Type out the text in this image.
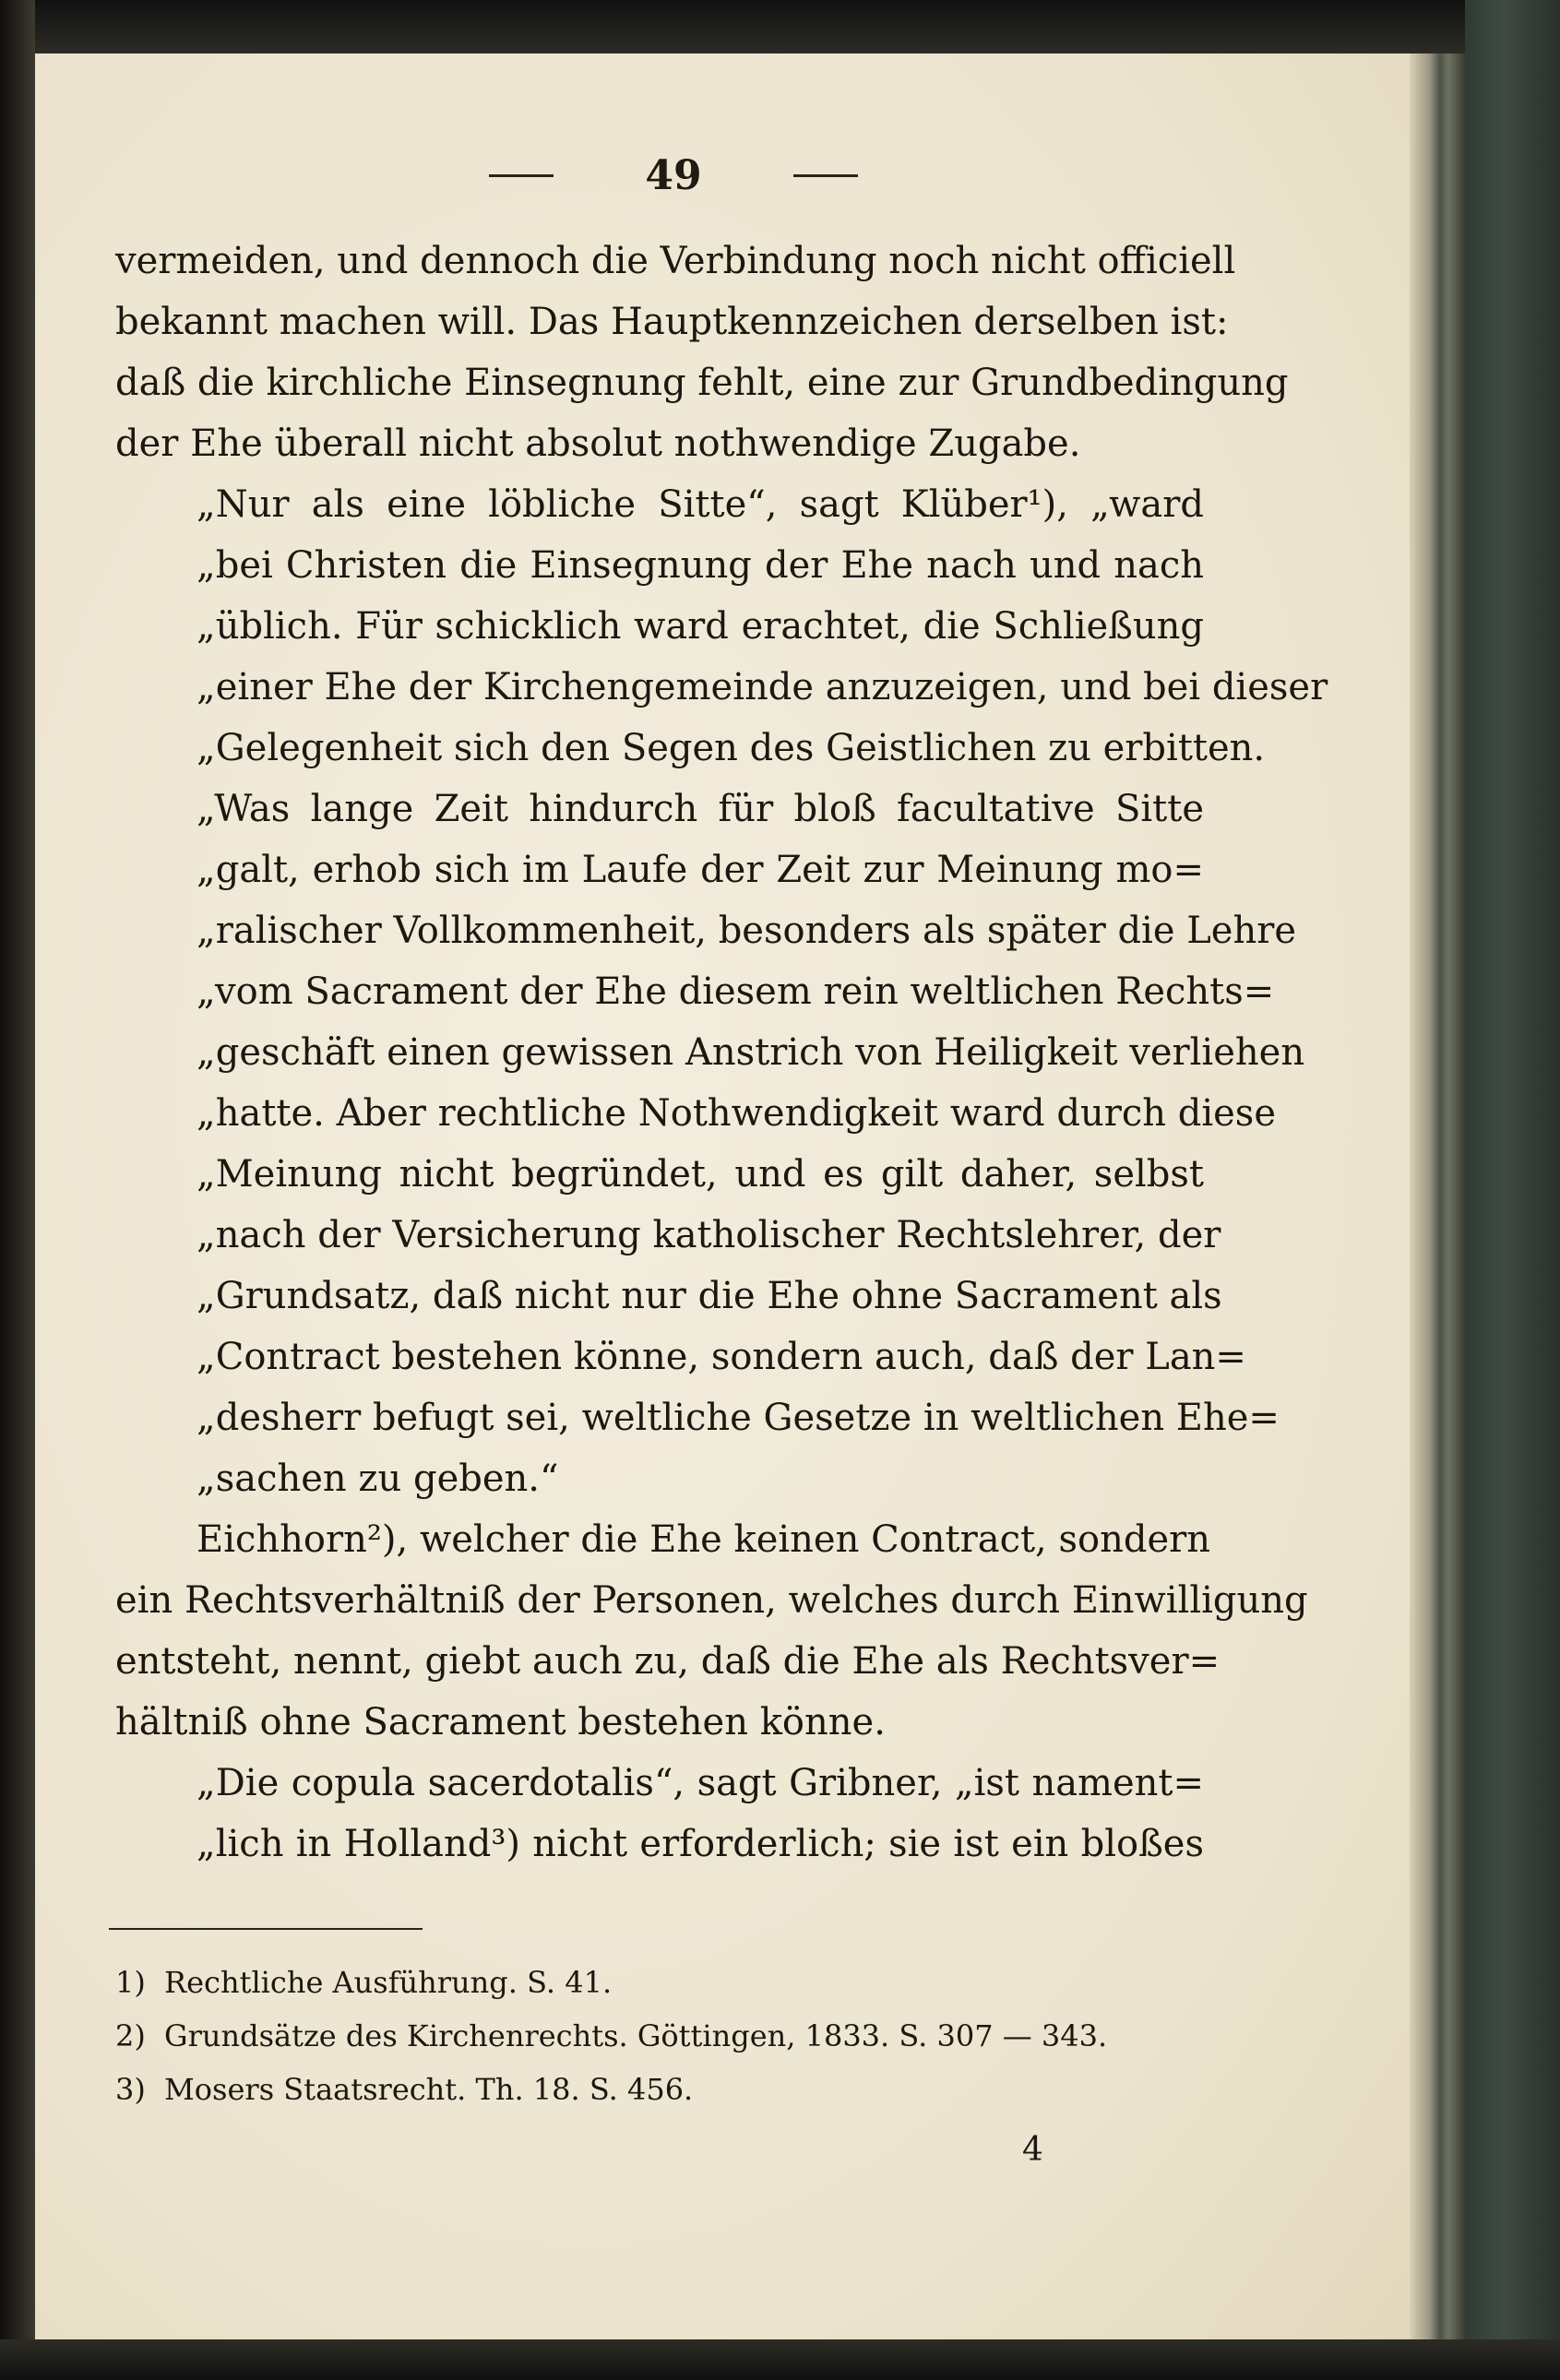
49
vermeiden, und dennoch die Verbindung noch nicht officiell
bekannt machen will. Das Hauptkennzeichen derselben ist:
daß die kirchliche Einsegnung fehlt, eine zur Grundbedingung
der Ehe überall nicht absolut nothwendige Zugabe.
„Nur als eine löbliche Sitte“, sagt Klüber¹), „ward
„bei Christen die Einsegnung der Ehe nach und nach
„üblich. Für schicklich ward erachtet, die Schließung
„einer Ehe der Kirchengemeinde anzuzeigen, und bei dieser
„Gelegenheit sich den Segen des Geistlichen zu erbitten.
„Was lange Zeit hindurch für bloß facultative Sitte
„galt, erhob sich im Laufe der Zeit zur Meinung mo=
„ralischer Vollkommenheit, besonders als später die Lehre
„vom Sacrament der Ehe diesem rein weltlichen Rechts=
„geschäft einen gewissen Anstrich von Heiligkeit verliehen
„hatte. Aber rechtliche Nothwendigkeit ward durch diese
„Meinung nicht begründet, und es gilt daher, selbst
„nach der Versicherung katholischer Rechtslehrer, der
„Grundsatz, daß nicht nur die Ehe ohne Sacrament als
„Contract bestehen könne, sondern auch, daß der Lan=
„desherr befugt sei, weltliche Gesetze in weltlichen Ehe=
„sachen zu geben.“
Eichhorn²), welcher die Ehe keinen Contract, sondern
ein Rechtsverhältniß der Personen, welches durch Einwilligung
entsteht, nennt, giebt auch zu, daß die Ehe als Rechtsver=
hältniß ohne Sacrament bestehen könne.
„Die copula sacerdotalis“, sagt Gribner, „ist nament=
„lich in Holland³) nicht erforderlich; sie ist ein bloßes
1) Rechtliche Ausführung. S. 41.
2) Grundsätze des Kirchenrechts. Göttingen, 1833. S. 307 — 343.
3) Mosers Staatsrecht. Th. 18. S. 456.
4
